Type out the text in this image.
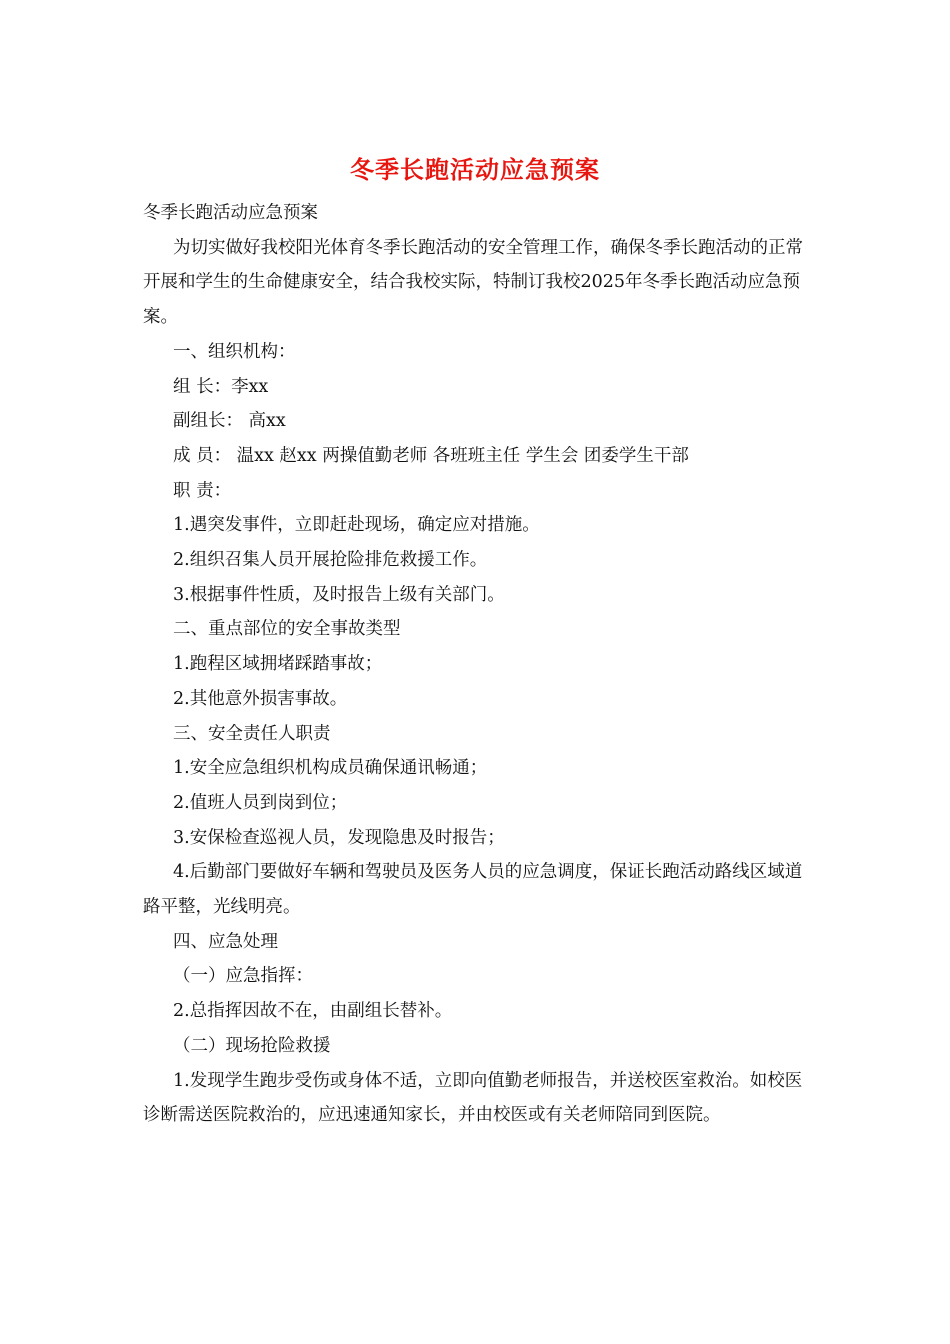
冬季长跑活动应急预案

冬季长跑活动应急预案

为切实做好我校阳光体育冬季长跑活动的安全管理工作，确保冬季长跑活动的正常开展和学生的生命健康安全，结合我校实际，特制订我校2025年冬季长跑活动应急预案。

一、组织机构：

组 长：李xx

副组长： 高xx

成 员： 温xx 赵xx 两操值勤老师 各班班主任 学生会 团委学生干部

职 责：

1.遇突发事件，立即赶赴现场，确定应对措施。

2.组织召集人员开展抢险排危救援工作。

3.根据事件性质，及时报告上级有关部门。

二、重点部位的安全事故类型

1.跑程区域拥堵踩踏事故；

2.其他意外损害事故。

三、安全责任人职责

1.安全应急组织机构成员确保通讯畅通；

2.值班人员到岗到位；

3.安保检查巡视人员，发现隐患及时报告；

4.后勤部门要做好车辆和驾驶员及医务人员的应急调度，保证长跑活动路线区域道路平整，光线明亮。

四、应急处理

（一）应急指挥：

2.总指挥因故不在，由副组长替补。

（二）现场抢险救援

1.发现学生跑步受伤或身体不适，立即向值勤老师报告，并送校医室救治。如校医诊断需送医院救治的，应迅速通知家长，并由校医或有关老师陪同到医院。
